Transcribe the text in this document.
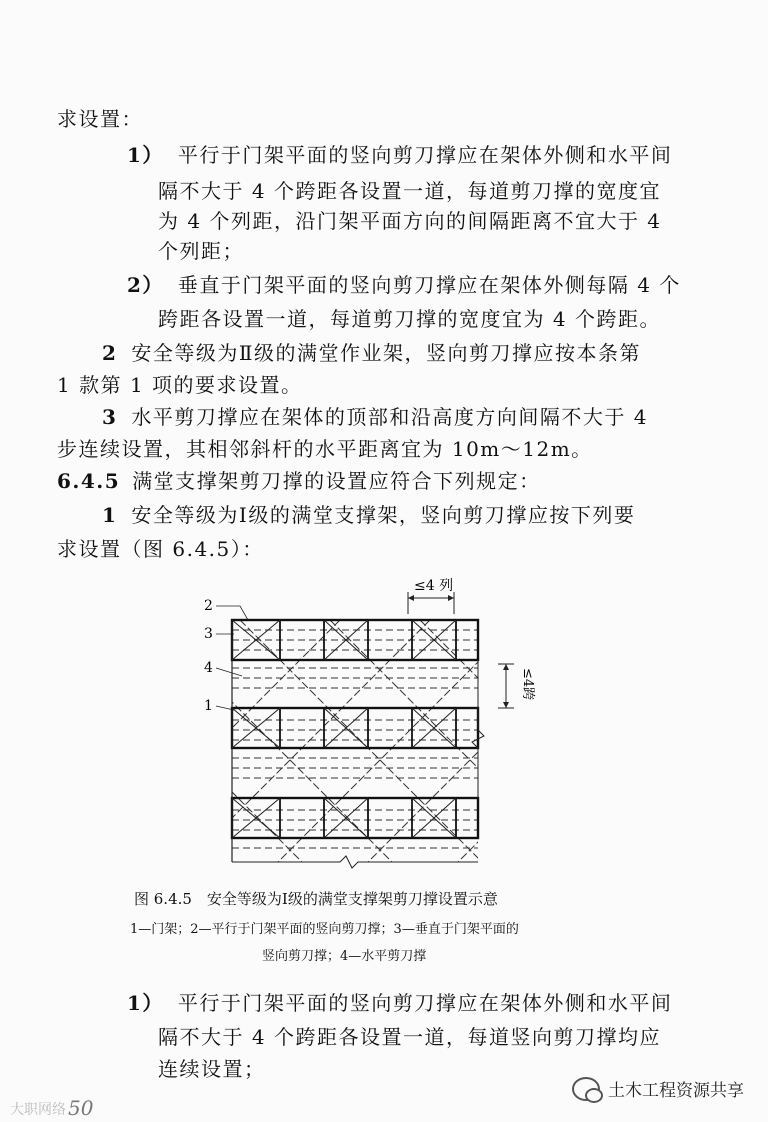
求设置：
1） 平行于门架平面的竖向剪刀撑应在架体外侧和水平间
隔不大于 4 个跨距各设置一道，每道剪刀撑的宽度宜
为 4 个列距，沿门架平面方向的间隔距离不宜大于 4
个列距；
2） 垂直于门架平面的竖向剪刀撑应在架体外侧每隔 4 个
跨距各设置一道，每道剪刀撑的宽度宜为 4 个跨距。
2 安全等级为Ⅱ级的满堂作业架，竖向剪刀撑应按本条第
1 款第 1 项的要求设置。
3 水平剪刀撑应在架体的顶部和沿高度方向间隔不大于 4
步连续设置，其相邻斜杆的水平距离宜为 10m～12m。
6.4.5 满堂支撑架剪刀撑的设置应符合下列规定：
1 安全等级为Ⅰ级的满堂支撑架，竖向剪刀撑应按下列要
求设置（图 6.4.5）：
≤4 列
≤4跨
2
3
4
1
图 6.4.5　安全等级为Ⅰ级的满堂支撑架剪刀撑设置示意
1—门架；2—平行于门架平面的竖向剪刀撑；3—垂直于门架平面的
竖向剪刀撑；4—水平剪刀撑
1） 平行于门架平面的竖向剪刀撑应在架体外侧和水平间
隔不大于 4 个跨距各设置一道，每道竖向剪刀撑均应
连续设置；
土木工程资源共享
大职网络 50
